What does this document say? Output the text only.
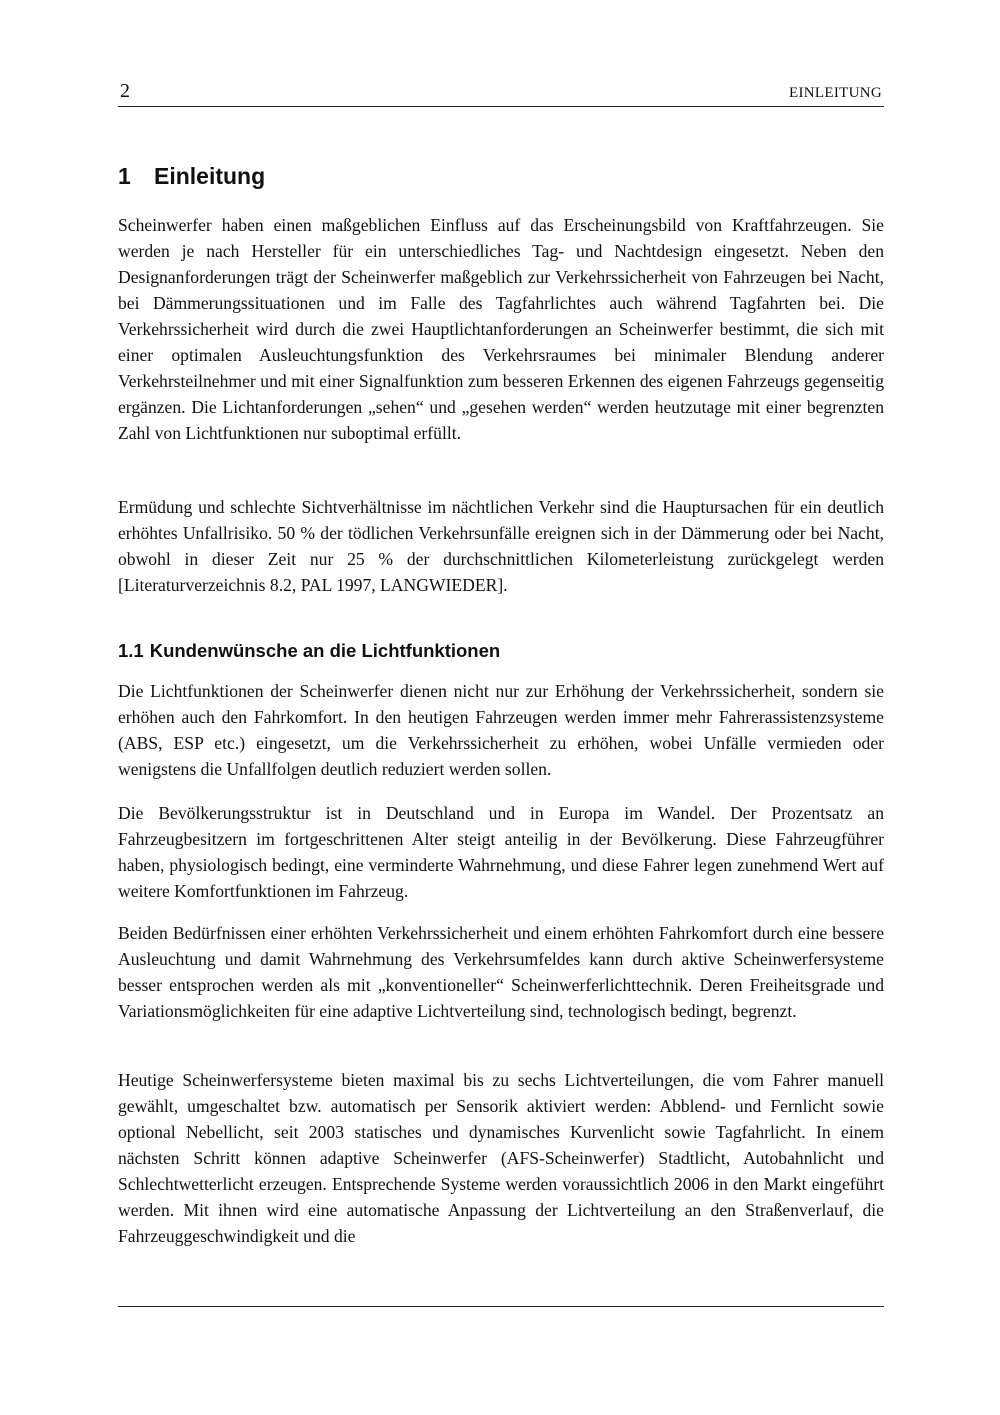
2	EINLEITUNG
1 Einleitung

Scheinwerfer haben einen maßgeblichen Einfluss auf das Erscheinungsbild von Kraftfahrzeugen. Sie werden je nach Hersteller für ein unterschiedliches Tag- und Nachtdesign eingesetzt. Neben den Designanforderungen trägt der Scheinwerfer maßgeblich zur Verkehrssicherheit von Fahrzeugen bei Nacht, bei Dämmerungssituationen und im Falle des Tagfahrlichtes auch während Tagfahrten bei. Die Verkehrssicherheit wird durch die zwei Hauptlichtanforderungen an Scheinwerfer bestimmt, die sich mit einer optimalen Ausleuchtungsfunktion des Verkehrsraumes bei minimaler Blendung anderer Verkehrsteilnehmer und mit einer Signalfunktion zum besseren Erkennen des eigenen Fahrzeugs gegenseitig ergänzen. Die Lichtanforderungen „sehen“ und „gesehen werden“ werden heutzutage mit einer begrenzten Zahl von Lichtfunktionen nur suboptimal erfüllt.

Ermüdung und schlechte Sichtverhältnisse im nächtlichen Verkehr sind die Hauptursachen für ein deutlich erhöhtes Unfallrisiko. 50 % der tödlichen Verkehrsunfälle ereignen sich in der Dämmerung oder bei Nacht, obwohl in dieser Zeit nur 25 % der durchschnittlichen Kilometerleistung zurückgelegt werden [Literaturverzeichnis 8.2, PAL 1997, LANGWIEDER].

1.1 Kundenwünsche an die Lichtfunktionen

Die Lichtfunktionen der Scheinwerfer dienen nicht nur zur Erhöhung der Verkehrssicherheit, sondern sie erhöhen auch den Fahrkomfort. In den heutigen Fahrzeugen werden immer mehr Fahrerassistenzsysteme (ABS, ESP etc.) eingesetzt, um die Verkehrssicherheit zu erhöhen, wobei Unfälle vermieden oder wenigstens die Unfallfolgen deutlich reduziert werden sollen.

Die Bevölkerungsstruktur ist in Deutschland und in Europa im Wandel. Der Prozentsatz an Fahrzeugbesitzern im fortgeschrittenen Alter steigt anteilig in der Bevölkerung. Diese Fahrzeugführer haben, physiologisch bedingt, eine verminderte Wahrnehmung, und diese Fahrer legen zunehmend Wert auf weitere Komfortfunktionen im Fahrzeug.

Beiden Bedürfnissen einer erhöhten Verkehrssicherheit und einem erhöhten Fahrkomfort durch eine bessere Ausleuchtung und damit Wahrnehmung des Verkehrsumfeldes kann durch aktive Scheinwerfersysteme besser entsprochen werden als mit „konventioneller“ Scheinwerferlichttechnik. Deren Freiheitsgrade und Variationsmöglichkeiten für eine adaptive Lichtverteilung sind, technologisch bedingt, begrenzt.

Heutige Scheinwerfersysteme bieten maximal bis zu sechs Lichtverteilungen, die vom Fahrer manuell gewählt, umgeschaltet bzw. automatisch per Sensorik aktiviert werden: Abblend- und Fernlicht sowie optional Nebellicht, seit 2003 statisches und dynamisches Kurvenlicht sowie Tagfahrlicht. In einem nächsten Schritt können adaptive Scheinwerfer (AFS-Scheinwerfer) Stadtlicht, Autobahnlicht und Schlechtwetterlicht erzeugen. Entsprechende Systeme werden voraussichtlich 2006 in den Markt eingeführt werden. Mit ihnen wird eine automatische Anpassung der Lichtverteilung an den Straßenverlauf, die Fahrzeuggeschwindigkeit und die
